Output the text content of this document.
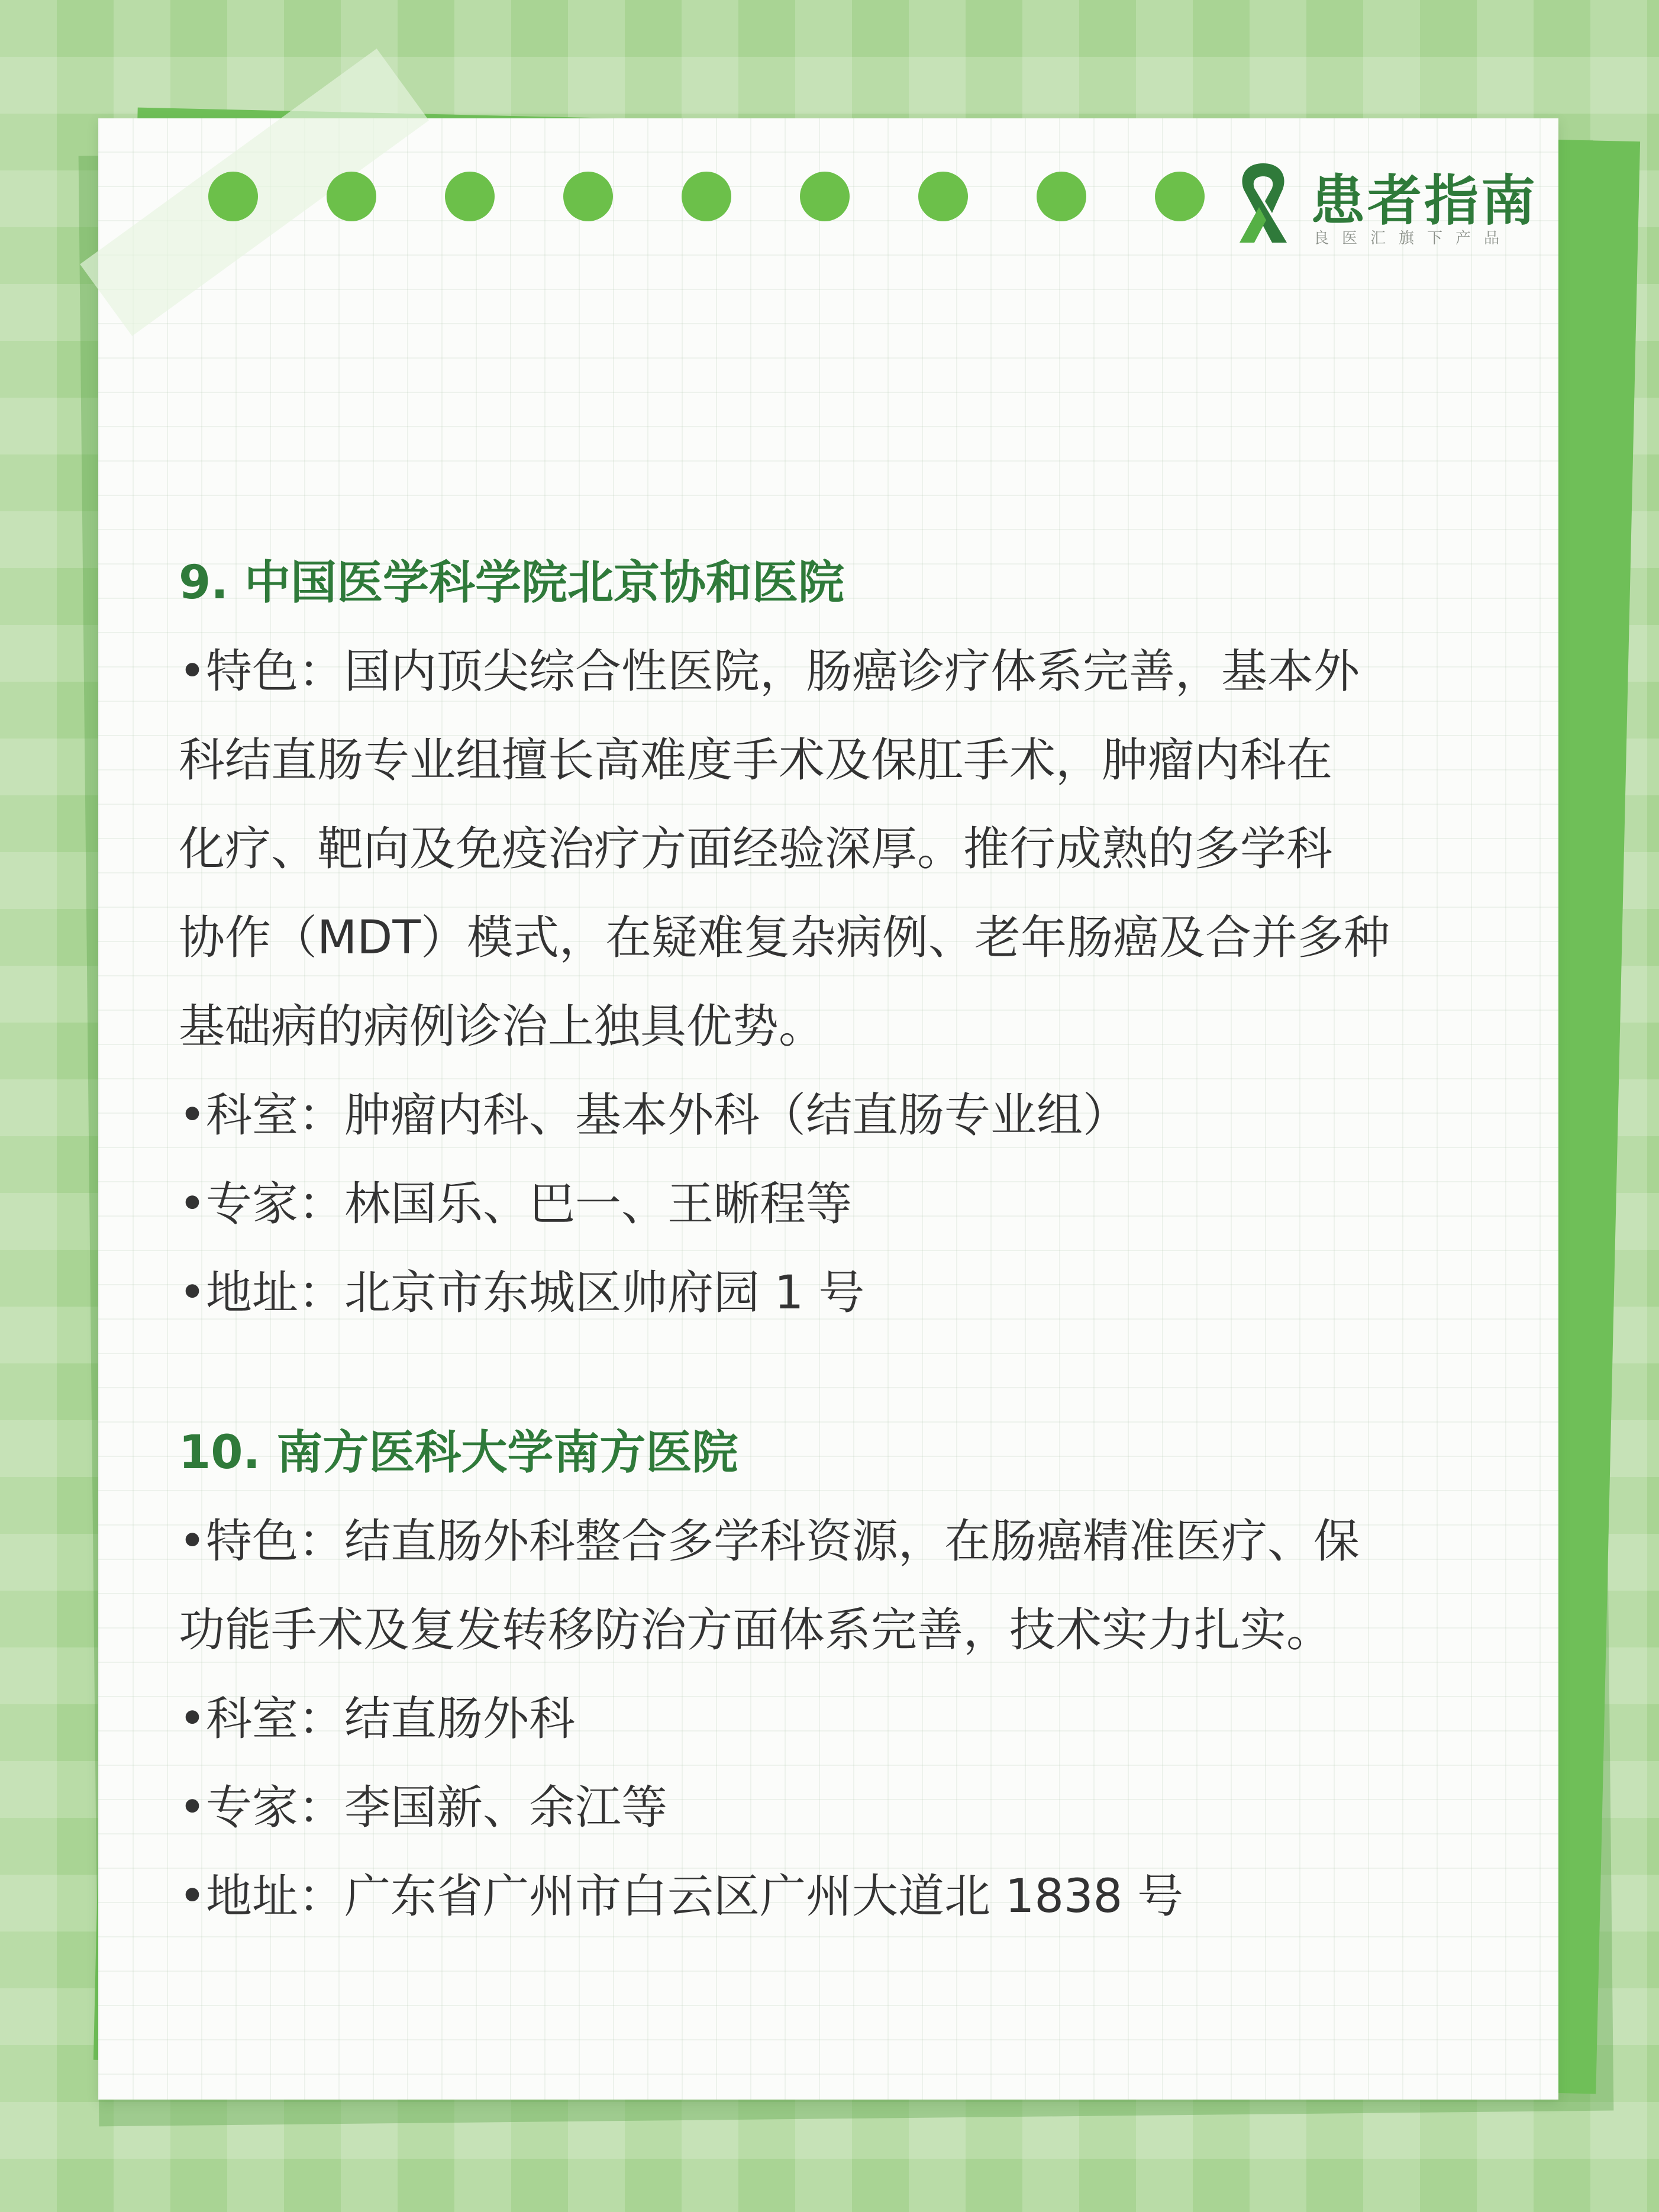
患者指南
良医汇旗下产品
9. 中国医学科学院北京协和医院
•特色：国内顶尖综合性医院，肠癌诊疗体系完善，基本外
科结直肠专业组擅长高难度手术及保肛手术，肿瘤内科在
化疗、靶向及免疫治疗方面经验深厚。推行成熟的多学科
协作（MDT）模式，在疑难复杂病例、老年肠癌及合并多种
基础病的病例诊治上独具优势。
•科室：肿瘤内科、基本外科（结直肠专业组）
•专家：林国乐、巴一、王晰程等
•地址：北京市东城区帅府园 1 号
10. 南方医科大学南方医院
•特色：结直肠外科整合多学科资源，在肠癌精准医疗、保
功能手术及复发转移防治方面体系完善，技术实力扎实。
•科室：结直肠外科
•专家：李国新、余江等
•地址：广东省广州市白云区广州大道北 1838 号
